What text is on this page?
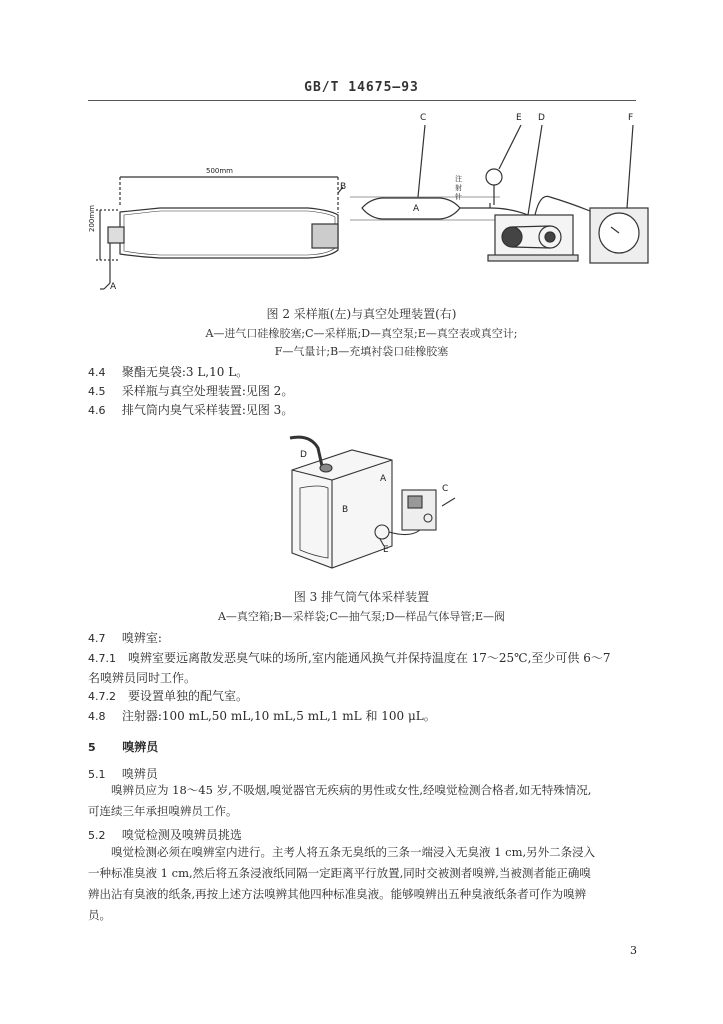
GB/T 14675—93
C	E D	F
B
A
A
500mm
200mm
注射针
图 2 采样瓶(左)与真空处理装置(右)
A—进气口硅橡胶塞;C—采样瓶;D—真空泵;E—真空表或真空计;
F—气量计;B—充填衬袋口硅橡胶塞
4.4 聚酯无臭袋:3 L,10 L。
4.5 采样瓶与真空处理装置:见图 2。
4.6 排气筒内臭气采样装置:见图 3。
D
A
C
B
E
图 3 排气筒气体采样装置
A—真空箱;B—采样袋;C—抽气泵;D—样品气体导管;E—阀
4.7 嗅辨室:
4.7.1 嗅辨室要远离散发恶臭气味的场所,室内能通风换气并保持温度在 17～25℃,至少可供 6～7
名嗅辨员同时工作。
4.7.2 要设置单独的配气室。
4.8 注射器:100 mL,50 mL,10 mL,5 mL,1 mL 和 100 μL。
5 嗅辨员
5.1 嗅辨员
嗅辨员应为 18～45 岁,不吸烟,嗅觉器官无疾病的男性或女性,经嗅觉检测合格者,如无特殊情况,
可连续三年承担嗅辨员工作。
5.2 嗅觉检测及嗅辨员挑选
嗅觉检测必须在嗅辨室内进行。主考人将五条无臭纸的三条一端浸入无臭液 1 cm,另外二条浸入
一种标准臭液 1 cm,然后将五条浸液纸同隔一定距离平行放置,同时交被测者嗅辨,当被测者能正确嗅
辨出沾有臭液的纸条,再按上述方法嗅辨其他四种标准臭液。能够嗅辨出五种臭液纸条者可作为嗅辨
员。
3
